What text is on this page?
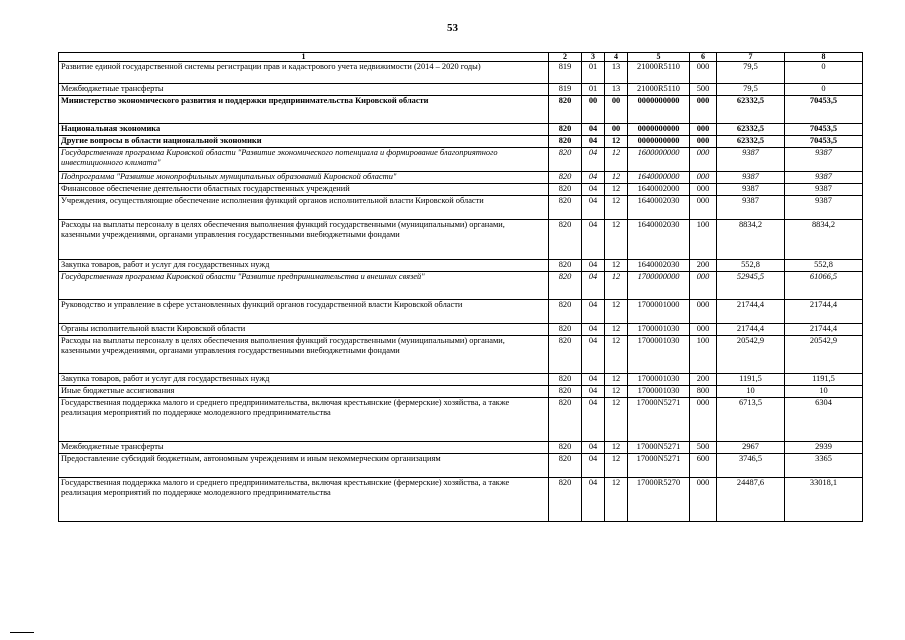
53
1	2	3	4	5	6	7	8
Развитие единой государственной системы регистрации прав и кадастрового учета недвижимости (2014 – 2020 годы)	819	01	13	21000R5110	000	79,5	0
Межбюджетные трансферты	819	01	13	21000R5110	500	79,5	0
Министерство экономического развития и поддержки предпринимательства Кировской области	820	00	00	0000000000	000	62332,5	70453,5
Национальная экономика	820	04	00	0000000000	000	62332,5	70453,5
Другие вопросы в области национальной экономики	820	04	12	0000000000	000	62332,5	70453,5
Государственная программа Кировской области "Развитие экономического потенциала и формирование благоприятного инвестиционного климата"	820	04	12	1600000000	000	9387	9387
Подпрограмма "Развитие монопрофильных муниципальных образований Кировской области"	820	04	12	1640000000	000	9387	9387
Финансовое обеспечение деятельности областных государственных учреждений	820	04	12	1640002000	000	9387	9387
Учреждения, осуществляющие обеспечение исполнения функций органов исполнительной власти Кировской области	820	04	12	1640002030	000	9387	9387
Расходы на выплаты персоналу в целях обеспечения выполнения функций государственными (муниципальными) органами, казенными учреждениями, органами управления государственными внебюджетными фондами	820	04	12	1640002030	100	8834,2	8834,2
Закупка товаров, работ и услуг для государственных нужд	820	04	12	1640002030	200	552,8	552,8
Государственная программа Кировской области "Развитие предпринимательства и внешних связей"	820	04	12	1700000000	000	52945,5	61066,5
Руководство и управление в сфере установленных функций органов государственной власти Кировской области	820	04	12	1700001000	000	21744,4	21744,4
Органы исполнительной власти Кировской области	820	04	12	1700001030	000	21744,4	21744,4
Расходы на выплаты персоналу в целях обеспечения выполнения функций государственными (муниципальными) органами, казенными учреждениями, органами управления государственными внебюджетными фондами	820	04	12	1700001030	100	20542,9	20542,9
Закупка товаров, работ и услуг для государственных нужд	820	04	12	1700001030	200	1191,5	1191,5
Иные бюджетные ассигнования	820	04	12	1700001030	800	10	10
Государственная поддержка малого и среднего предпринимательства, включая крестьянские (фермерские) хозяйства, а также реализация мероприятий по поддержке молодежного предпринимательства	820	04	12	17000N5271	000	6713,5	6304
Межбюджетные трансферты	820	04	12	17000N5271	500	2967	2939
Предоставление субсидий бюджетным, автономным учреждениям и иным некоммерческим организациям	820	04	12	17000N5271	600	3746,5	3365
Государственная поддержка малого и среднего предпринимательства, включая крестьянские (фермерские) хозяйства, а также реализация мероприятий по поддержке молодежного предпринимательства	820	04	12	17000R5270	000	24487,6	33018,1
